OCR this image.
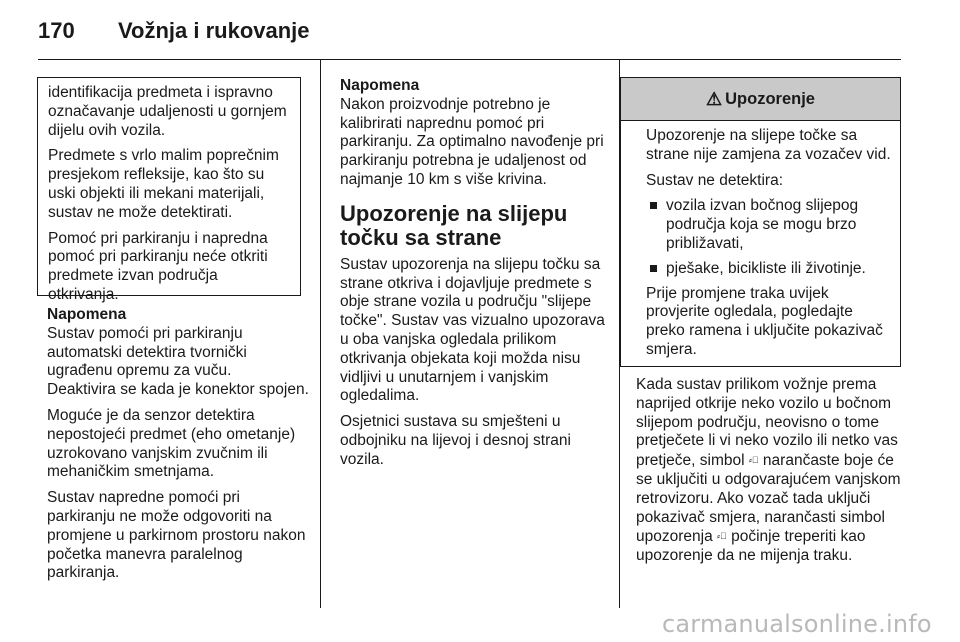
170 Vožnja i rukovanje

identifikacija predmeta i ispravno označavanje udaljenosti u gornjem dijelu ovih vozila.

Predmete s vrlo malim poprečnim presjekom refleksije, kao što su uski objekti ili mekani materijali, sustav ne može detektirati.

Pomoć pri parkiranju i napredna pomoć pri parkiranju neće otkriti predmete izvan područja otkrivanja.

Napomena

Sustav pomoći pri parkiranju automatski detektira tvornički ugrađenu opremu za vuču.

Deaktivira se kada je konektor spojen.

Moguće je da senzor detektira nepostojeći predmet (eho ometanje) uzrokovano vanjskim zvučnim ili mehaničkim smetnjama.

Sustav napredne pomoći pri parkiranju ne može odgovoriti na promjene u parkirnom prostoru nakon početka manevra paralelnog parkiranja.

Napomena

Nakon proizvodnje potrebno je kalibrirati naprednu pomoć pri parkiranju. Za optimalno navođenje pri parkiranju potrebna je udaljenost od najmanje 10 km s više krivina.

Upozorenje na slijepu točku sa strane

Sustav upozorenja na slijepu točku sa strane otkriva i dojavljuje predmete s obje strane vozila u području "slijepe točke". Sustav vas vizualno upozorava u oba vanjska ogledala prilikom otkrivanja objekata koji možda nisu vidljivi u unutarnjem i vanjskim ogledalima.

Osjetnici sustava su smješteni u odbojniku na lijevoj i desnoj strani vozila.

⚠ Upozorenje

Upozorenje na slijepe točke sa strane nije zamjena za vozačev vid.

Sustav ne detektira:

vozila izvan bočnog slijepog područja koja se mogu brzo približavati,
pješake, bicikliste ili životinje.

Prije promjene traka uvijek provjerite ogledala, pogledajte preko ramena i uključite pokazivač smjera.

Kada sustav prilikom vožnje prema naprijed otkrije neko vozilo u bočnom slijepom području, neovisno o tome pretječete li vi neko vozilo ili netko vas pretječe, simbol ⸗⃞ narančaste boje će se uključiti u odgovarajućem vanjskom retrovizoru. Ako vozač tada uključi pokazivač smjera, narančasti simbol upozorenja ⸗⃞ počinje treperiti kao upozorenje da ne mijenja traku.

carmanualsonline.info
